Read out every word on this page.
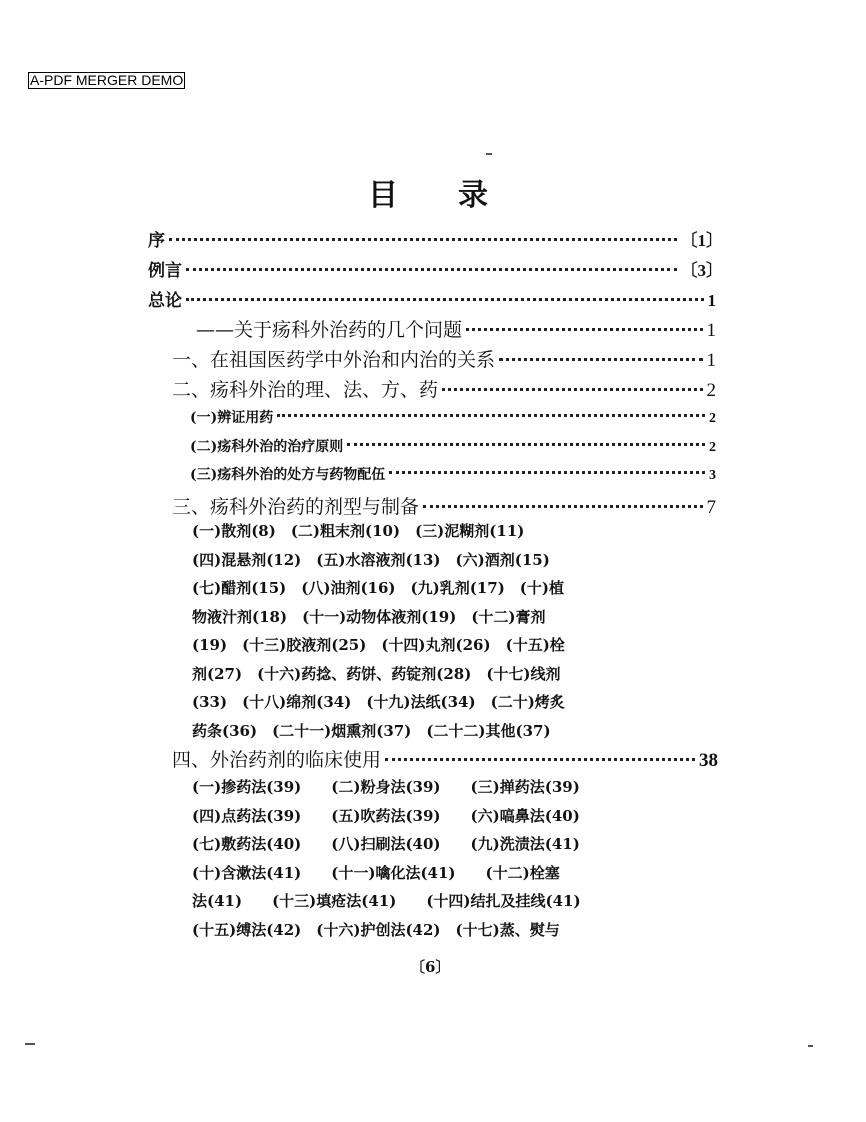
A-PDF MERGER DEMO
目录
序	〔1〕
例言	〔3〕
总论	1
——关于疡科外治药的几个问题	1
一、在祖国医药学中外治和内治的关系	1
二、疡科外治的理、法、方、药	2
(一)辨证用药	2
(二)疡科外治的治疗原则	2
(三)疡科外治的处方与药物配伍	3
三、疡科外治药的剂型与制备	7
(一)散剂(8)　(二)粗末剂(10)　(三)泥糊剂(11)
(四)混悬剂(12)　(五)水溶液剂(13)　(六)酒剂(15)
(七)醋剂(15)　(八)油剂(16)　(九)乳剂(17)　(十)植
物液汁剂(18)　(十一)动物体液剂(19)　(十二)膏剂
(19)　(十三)胶液剂(25)　(十四)丸剂(26)　(十五)栓
剂(27)　(十六)药捻、药饼、药锭剂(28)　(十七)线剂
(33)　(十八)绵剂(34)　(十九)法纸(34)　(二十)烤炙
药条(36)　(二十一)烟熏剂(37)　(二十二)其他(37)
四、外治药剂的临床使用	38
(一)掺药法(39)　　(二)粉身法(39)　　(三)掸药法(39)
(四)点药法(39)　　(五)吹药法(39)　　(六)嗃鼻法(40)
(七)敷药法(40)　　(八)扫刷法(40)　　(九)洗渍法(41)
(十)含漱法(41)　　(十一)噙化法(41)　　(十二)栓塞
法(41)　　(十三)填疮法(41)　　(十四)结扎及挂线(41)
(十五)缚法(42)　(十六)护创法(42)　(十七)蒸、熨与
〔6〕
